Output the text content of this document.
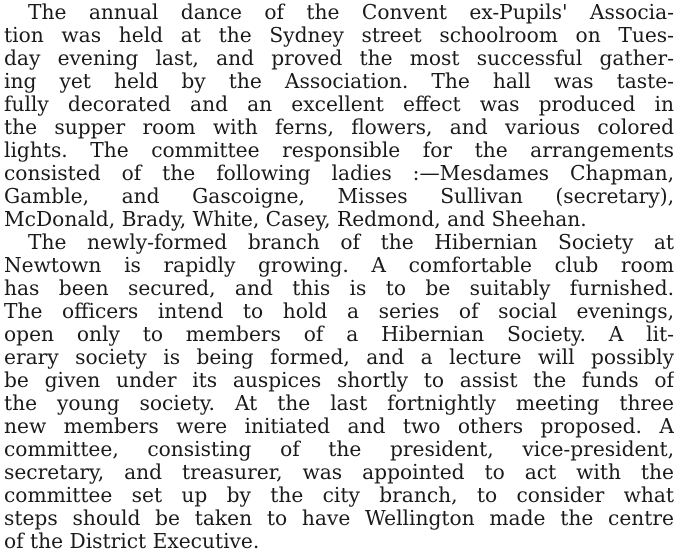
The annual dance of the Convent ex-Pupils' Associa-
tion was held at the Sydney street schoolroom on Tues-
day evening last, and proved the most successful gather-
ing yet held by the Association. The hall was taste-
fully decorated and an excellent effect was produced in
the supper room with ferns, flowers, and various colored
lights. The committee responsible for the arrangements
consisted of the following ladies :—Mesdames Chapman,
Gamble, and Gascoigne, Misses Sullivan (secretary),
McDonald, Brady, White, Casey, Redmond, and Sheehan.
The newly-formed branch of the Hibernian Society at
Newtown is rapidly growing. A comfortable club room
has been secured, and this is to be suitably furnished.
The officers intend to hold a series of social evenings,
open only to members of a Hibernian Society. A lit-
erary society is being formed, and a lecture will possibly
be given under its auspices shortly to assist the funds of
the young society. At the last fortnightly meeting three
new members were initiated and two others proposed. A
committee, consisting of the president, vice-president,
secretary, and treasurer, was appointed to act with the
committee set up by the city branch, to consider what
steps should be taken to have Wellington made the centre
of the District Executive.
